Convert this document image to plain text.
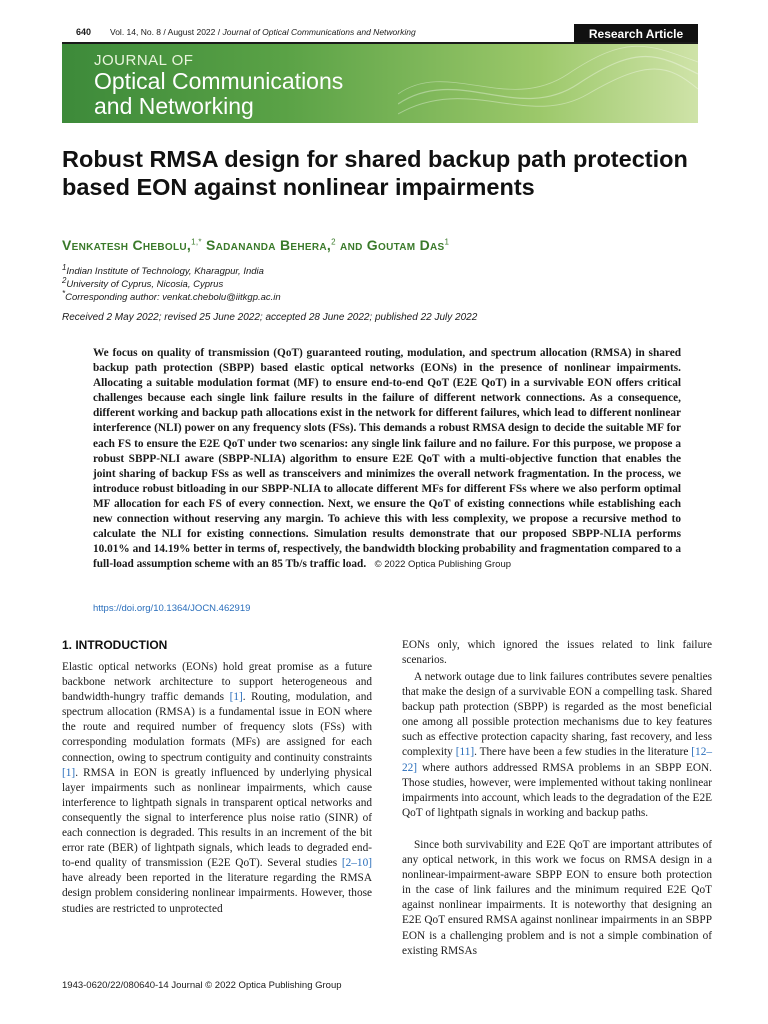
640 Vol. 14, No. 8 / August 2022 / Journal of Optical Communications and Networking	Research Article
JOURNAL OF
Optical Communications
and Networking
Robust RMSA design for shared backup path protection based EON against nonlinear impairments
Venkatesh Chebolu,$^{1,*}$ Sadananda Behera,$^2$ and Goutam Das$^1$
$^1$Indian Institute of Technology, Kharagpur, India
$^2$University of Cyprus, Nicosia, Cyprus
*Corresponding author: venkat.chebolu@iitkgp.ac.in
Received 2 May 2022; revised 25 June 2022; accepted 28 June 2022; published 22 July 2022

We focus on quality of transmission (QoT) guaranteed routing, modulation, and spectrum allocation (RMSA) in shared backup path protection (SBPP) based elastic optical networks (EONs) in the presence of nonlinear impairments. Allocating a suitable modulation format (MF) to ensure end-to-end QoT (E2E QoT) in a survivable EON offers critical challenges because each single link failure results in the failure of different network connections. As a consequence, different working and backup path allocations exist in the network for different failures, which lead to different nonlinear interference (NLI) power on any frequency slots (FSs). This demands a robust RMSA design to decide the suitable MF for each FS to ensure the E2E QoT under two scenarios: any single link failure and no failure. For this purpose, we propose a robust SBPP-NLI aware (SBPP-NLIA) algorithm to ensure E2E QoT with a multi-objective function that enables the joint sharing of backup FSs as well as transceivers and minimizes the overall network fragmentation. In the process, we introduce robust bitloading in our SBPP-NLIA to allocate different MFs for different FSs where we also perform optimal MF allocation for each FS of every connection. Next, we ensure the QoT of existing connections while establishing each new connection without reserving any margin. To achieve this with less complexity, we propose a recursive method to calculate the NLI for existing connections. Simulation results demonstrate that our proposed SBPP-NLIA performs 10.01% and 14.19% better in terms of, respectively, the bandwidth blocking probability and fragmentation compared to a full-load assumption scheme with an 85 Tb/s traffic load. © 2022 Optica Publishing Group

https://doi.org/10.1364/JOCN.462919
1. INTRODUCTION

Elastic optical networks (EONs) hold great promise as a future backbone network architecture to support heterogeneous and bandwidth-hungry traffic demands [1]. Routing, modulation, and spectrum allocation (RMSA) is a fundamental issue in EON where the route and required number of frequency slots (FSs) with corresponding modulation formats (MFs) are assigned for each connection, owing to spectrum contiguity and continuity constraints [1]. RMSA in EON is greatly influenced by underlying physical layer impairments such as nonlinear impairments, which cause interference to lightpath signals in transparent optical networks and consequently the signal to interference plus noise ratio (SINR) of each connection is degraded. This results in an increment of the bit error rate (BER) of lightpath signals, which leads to degraded end-to-end quality of transmission (E2E QoT). Several studies [2–10] have already been reported in the literature regarding the RMSA design problem considering nonlinear impairments. However, those studies are restricted to unprotected

EONs only, which ignored the issues related to link failure scenarios.

A network outage due to link failures contributes severe penalties that make the design of a survivable EON a compelling task. Shared backup path protection (SBPP) is regarded as the most beneficial one among all possible protection mechanisms due to key features such as effective protection capacity sharing, fast recovery, and less complexity [11]. There have been a few studies in the literature [12–22] where authors addressed RMSA problems in an SBPP EON. Those studies, however, were implemented without taking nonlinear impairments into account, which leads to the degradation of the E2E QoT of lightpath signals in working and backup paths.

Since both survivability and E2E QoT are important attributes of any optical network, in this work we focus on RMSA design in a nonlinear-impairment-aware SBPP EON to ensure both protection in the case of link failures and the minimum required E2E QoT against nonlinear impairments. It is noteworthy that designing an E2E QoT ensured RMSA against nonlinear impairments in an SBPP EON is a challenging problem and is not a simple combination of existing RMSAs

1943-0620/22/080640-14 Journal © 2022 Optica Publishing Group
